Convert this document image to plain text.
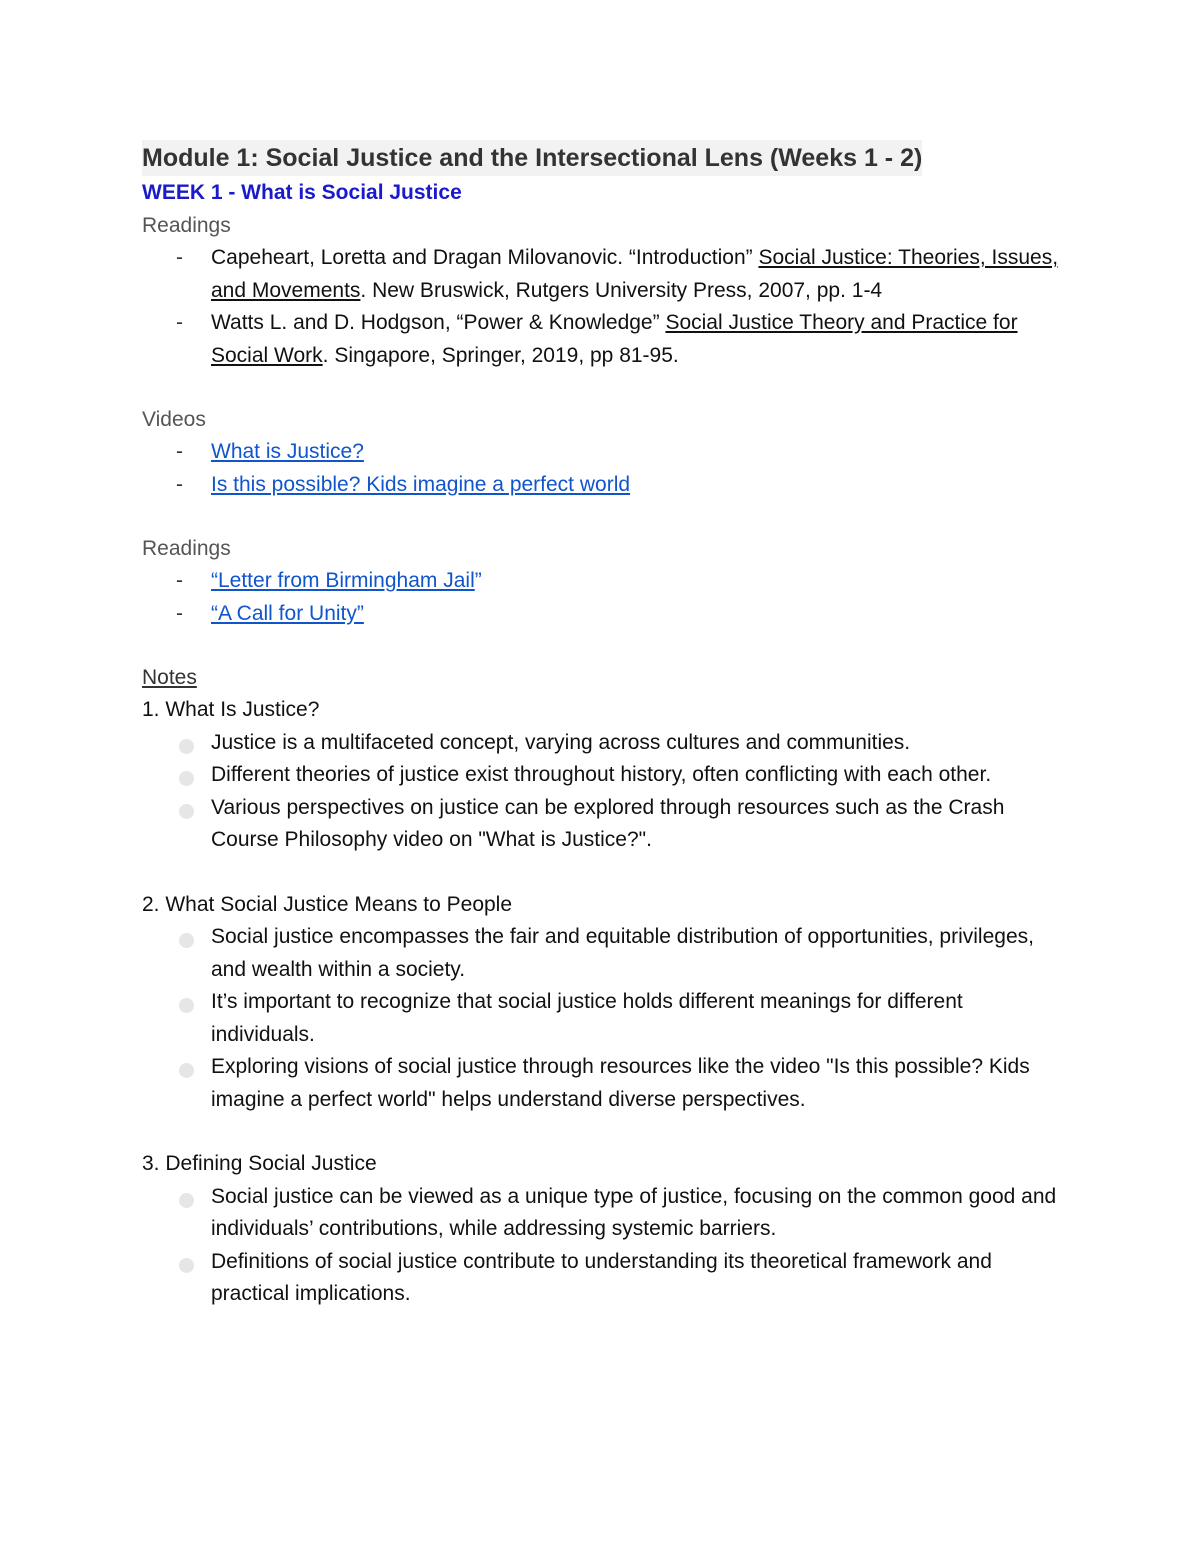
Module 1: Social Justice and the Intersectional Lens (Weeks 1 - 2)
WEEK 1 - What is Social Justice
Readings
- Capeheart, Loretta and Dragan Milovanovic. “Introduction” Social Justice: Theories, Issues, and Movements. New Bruswick, Rutgers University Press, 2007, pp. 1-4
- Watts L. and D. Hodgson, “Power & Knowledge” Social Justice Theory and Practice for Social Work. Singapore, Springer, 2019, pp 81-95.
Videos
- What is Justice?
- Is this possible? Kids imagine a perfect world
Readings
- “Letter from Birmingham Jail”
- “A Call for Unity”
Notes
1. What Is Justice?
Justice is a multifaceted concept, varying across cultures and communities.
Different theories of justice exist throughout history, often conflicting with each other.
Various perspectives on justice can be explored through resources such as the Crash Course Philosophy video on "What is Justice?".
2. What Social Justice Means to People
Social justice encompasses the fair and equitable distribution of opportunities, privileges, and wealth within a society.
It’s important to recognize that social justice holds different meanings for different individuals.
Exploring visions of social justice through resources like the video "Is this possible? Kids imagine a perfect world" helps understand diverse perspectives.
3. Defining Social Justice
Social justice can be viewed as a unique type of justice, focusing on the common good and individuals’ contributions, while addressing systemic barriers.
Definitions of social justice contribute to understanding its theoretical framework and practical implications.
